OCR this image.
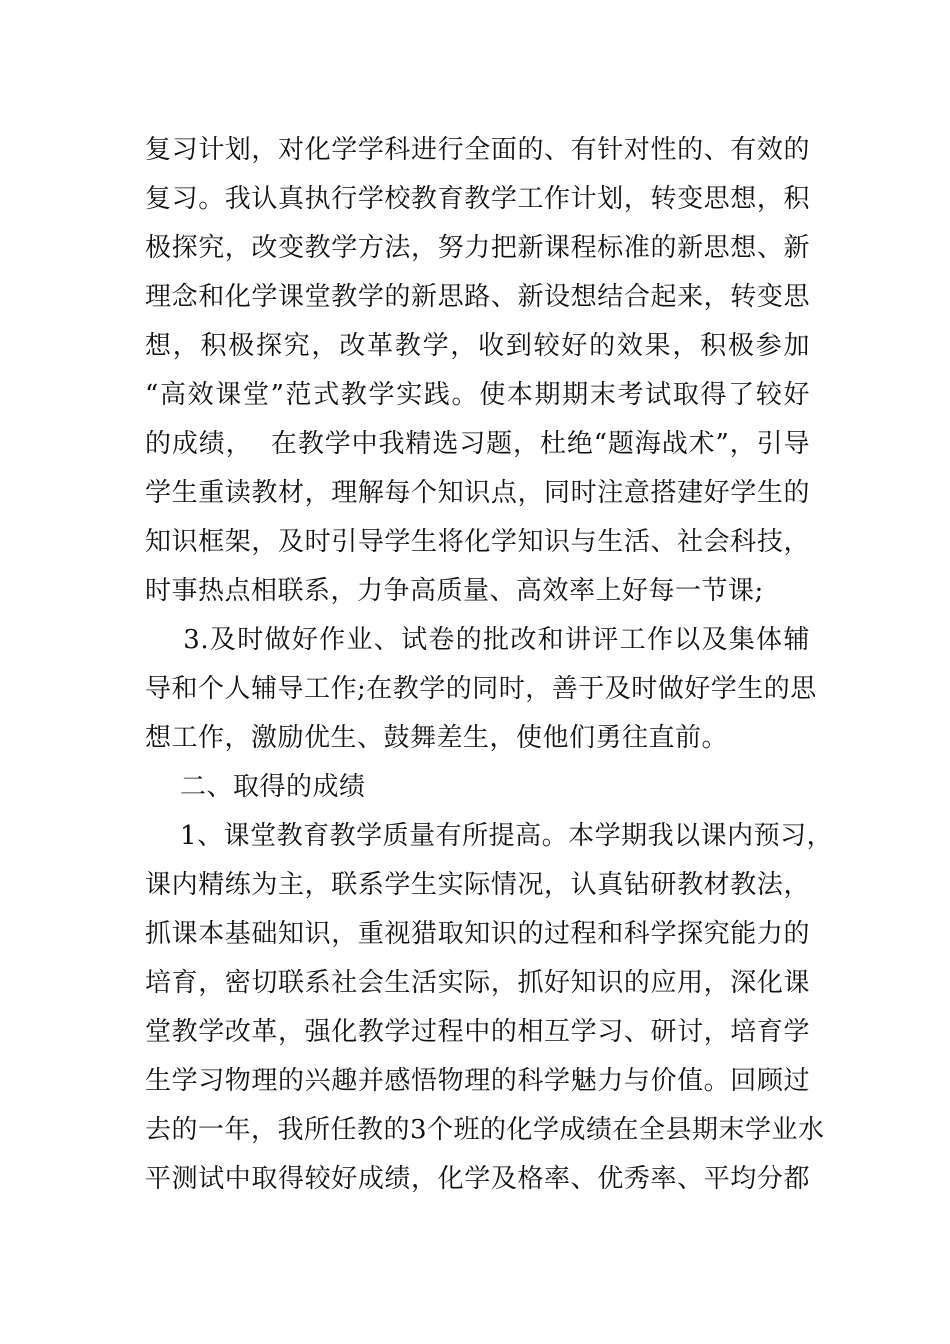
复习计划，对化学学科进行全面的、有针对性的、有效的
复习。我认真执行学校教育教学工作计划，转变思想，积
极探究，改变教学方法，努力把新课程标准的新思想、新
理念和化学课堂教学的新思路、新设想结合起来，转变思
想，积极探究，改革教学，收到较好的效果，积极参加
“高效课堂”范式教学实践。使本期期末考试取得了较好
的成绩，  在教学中我精选习题，杜绝“题海战术”，引导
学生重读教材，理解每个知识点，同时注意搭建好学生的
知识框架，及时引导学生将化学知识与生活、社会科技，
时事热点相联系，力争高质量、高效率上好每一节课;
3.及时做好作业、试卷的批改和讲评工作以及集体辅
导和个人辅导工作;在教学的同时，善于及时做好学生的思
想工作，激励优生、鼓舞差生，使他们勇往直前。
二、取得的成绩
1、课堂教育教学质量有所提高。本学期我以课内预习，
课内精练为主，联系学生实际情况，认真钻研教材教法，
抓课本基础知识，重视猎取知识的过程和科学探究能力的
培育，密切联系社会生活实际，抓好知识的应用，深化课
堂教学改革，强化教学过程中的相互学习、研讨，培育学
生学习物理的兴趣并感悟物理的科学魅力与价值。回顾过
去的一年，我所任教的3个班的化学成绩在全县期末学业水
平测试中取得较好成绩，化学及格率、优秀率、平均分都
